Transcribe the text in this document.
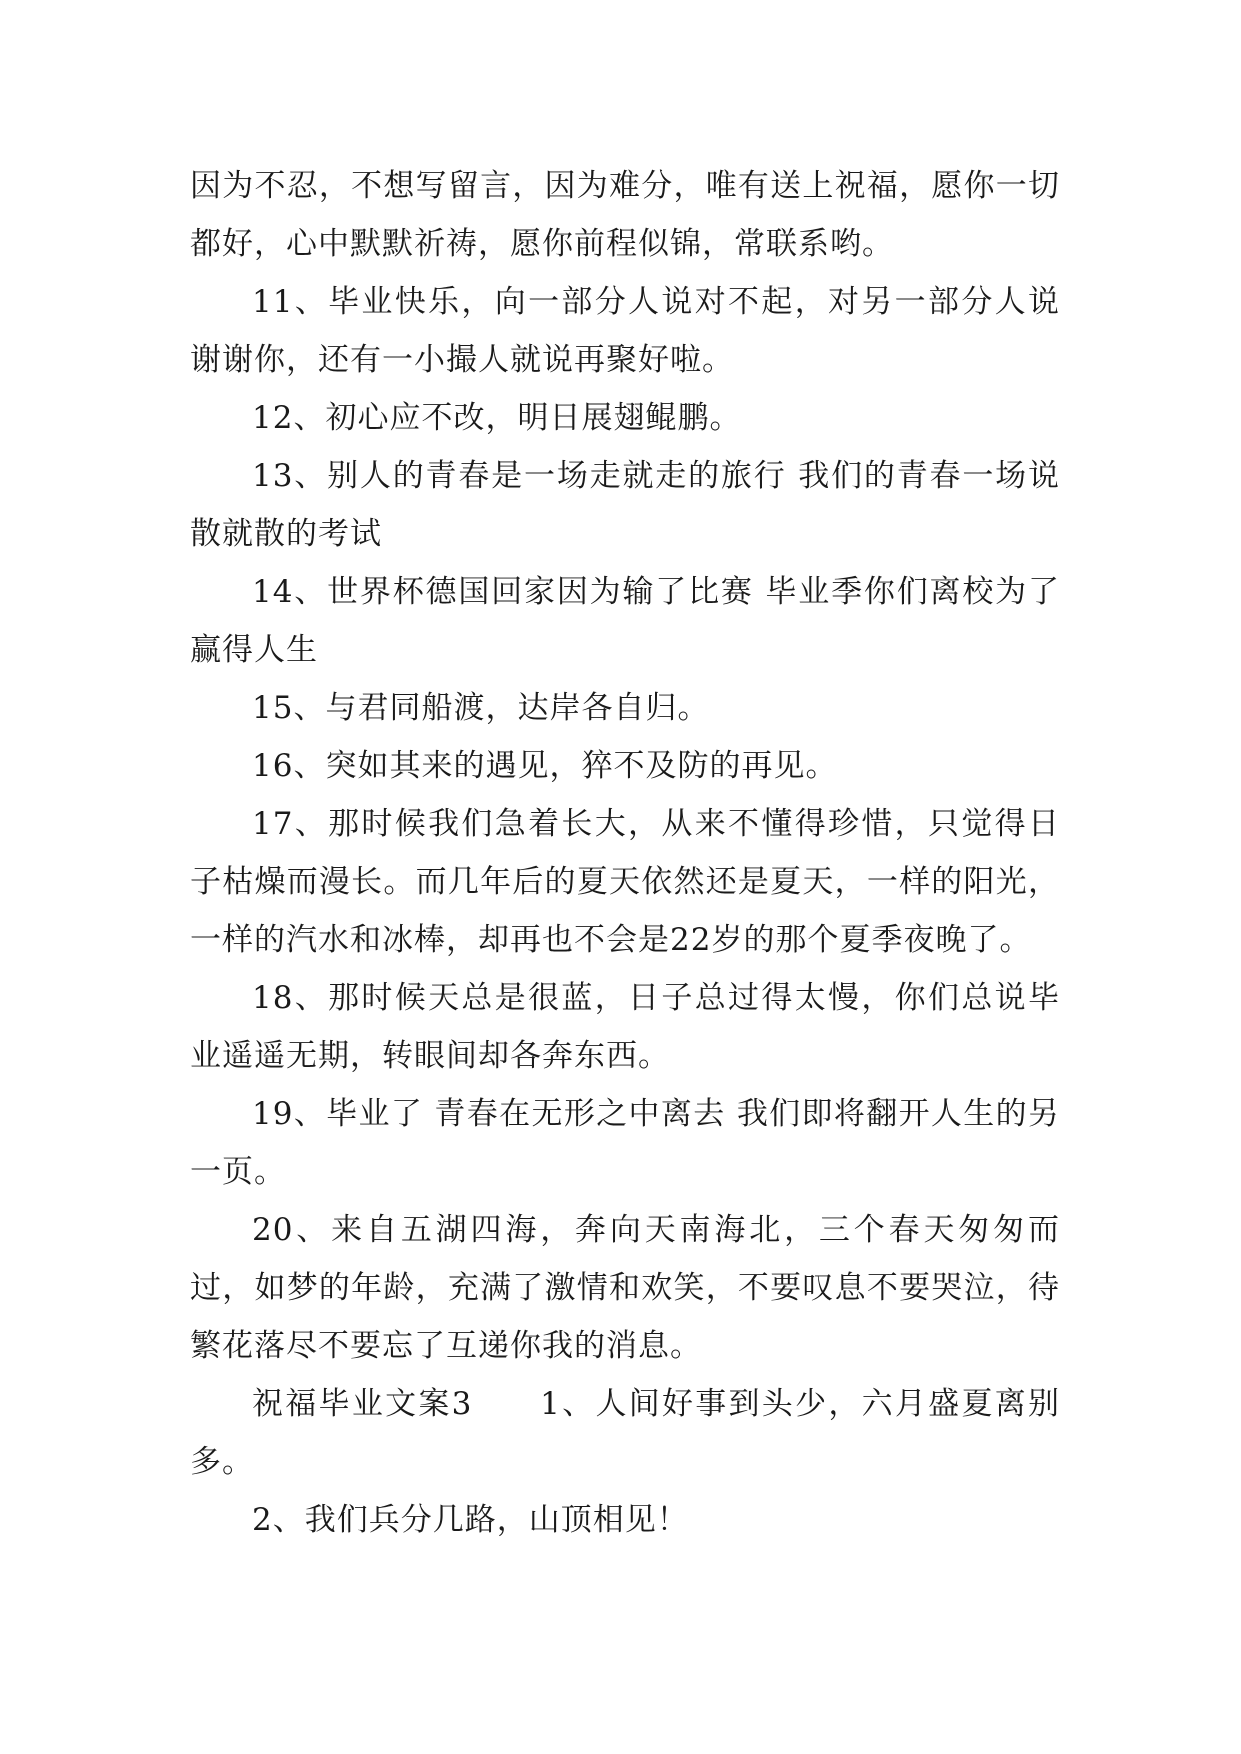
因为不忍，不想写留言，因为难分，唯有送上祝福，愿你一切都好，心中默默祈祷，愿你前程似锦，常联系哟。

11、毕业快乐，向一部分人说对不起，对另一部分人说谢谢你，还有一小撮人就说再聚好啦。

12、初心应不改，明日展翅鲲鹏。

13、别人的青春是一场走就走的旅行 我们的青春一场说散就散的考试

14、世界杯德国回家因为输了比赛 毕业季你们离校为了赢得人生

15、与君同船渡，达岸各自归。

16、突如其来的遇见，猝不及防的再见。

17、那时候我们急着长大，从来不懂得珍惜，只觉得日子枯燥而漫长。而几年后的夏天依然还是夏天，一样的阳光，一样的汽水和冰棒，却再也不会是22岁的那个夏季夜晚了。

18、那时候天总是很蓝，日子总过得太慢，你们总说毕业遥遥无期，转眼间却各奔东西。

19、毕业了 青春在无形之中离去 我们即将翻开人生的另一页。

20、来自五湖四海，奔向天南海北，三个春天匆匆而过，如梦的年龄，充满了激情和欢笑，不要叹息不要哭泣，待繁花落尽不要忘了互递你我的消息。

祝福毕业文案3　　1、人间好事到头少，六月盛夏离别多。

2、我们兵分几路，山顶相见！
